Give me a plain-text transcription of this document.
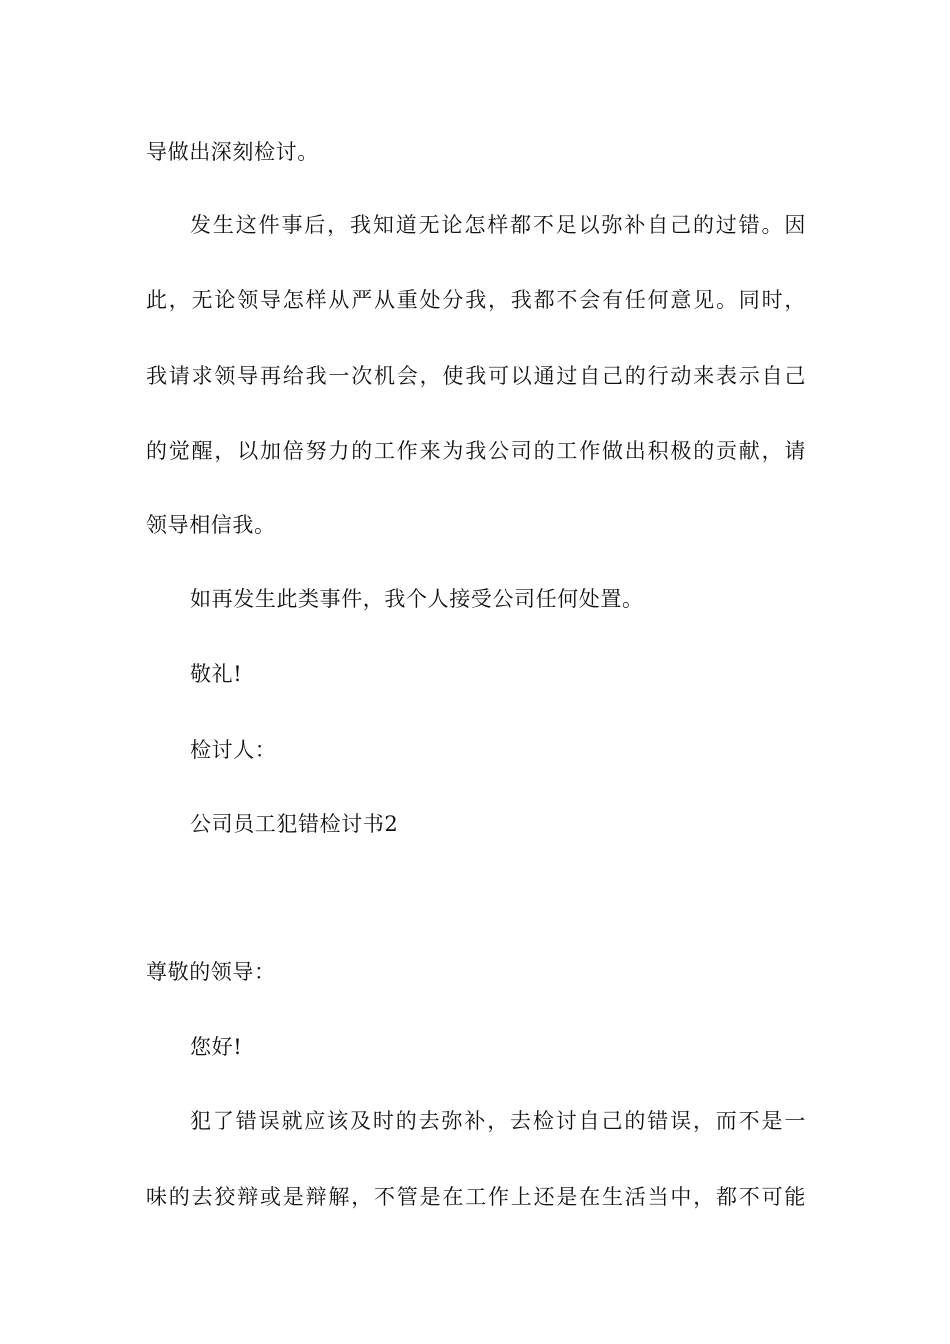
导做出深刻检讨。
发生这件事后，我知道无论怎样都不足以弥补自己的过错。因
此，无论领导怎样从严从重处分我，我都不会有任何意见。同时，
我请求领导再给我一次机会，使我可以通过自己的行动来表示自己
的觉醒，以加倍努力的工作来为我公司的工作做出积极的贡献，请
领导相信我。
如再发生此类事件，我个人接受公司任何处置。
敬礼!
检讨人：
公司员工犯错检讨书2
尊敬的领导：
您好!
犯了错误就应该及时的去弥补，去检讨自己的错误，而不是一
味的去狡辩或是辩解，不管是在工作上还是在生活当中，都不可能
